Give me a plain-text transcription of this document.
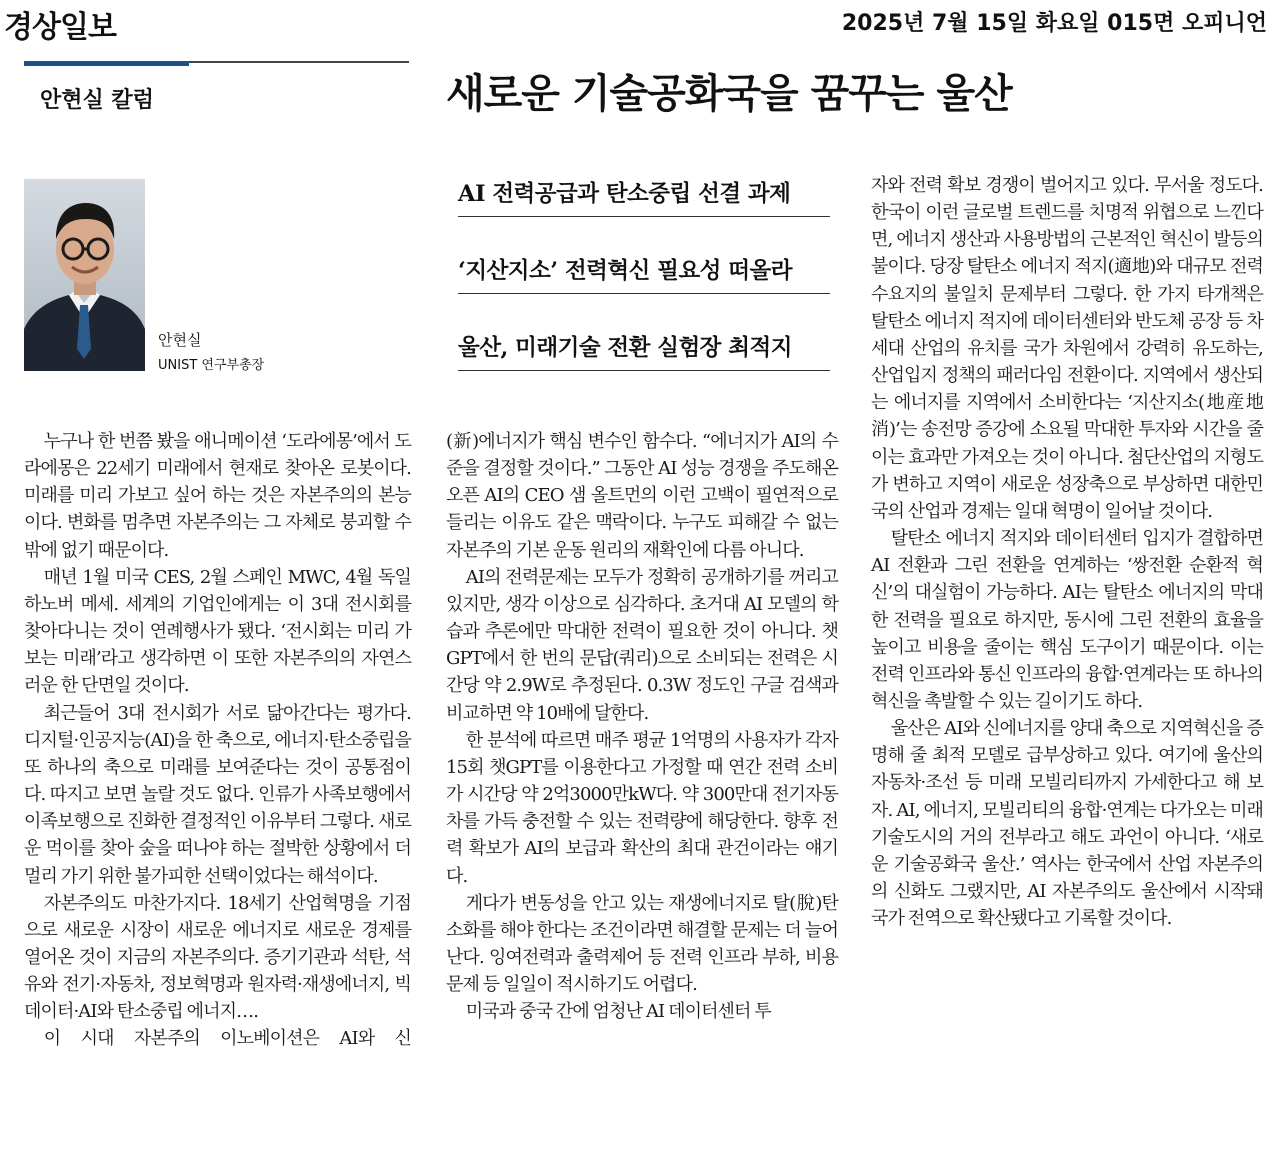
경상일보	2025년 7월 15일 화요일 015면 오피니언
안현실 칼럼	새로운 기술공화국을 꿈꾸는 울산
안현실
UNIST 연구부총장
AI 전력공급과 탄소중립 선결 과제
‘지산지소’ 전력혁신 필요성 떠올라
울산, 미래기술 전환 실험장 최적지

누구나 한 번쯤 봤을 애니메이션 ‘도라에몽’에서 도라에몽은 22세기 미래에서 현재로 찾아온 로봇이다. 미래를 미리 가보고 싶어 하는 것은 자본주의의 본능이다. 변화를 멈추면 자본주의는 그 자체로 붕괴할 수밖에 없기 때문이다.

매년 1월 미국 CES, 2월 스페인 MWC, 4월 독일 하노버 메세. 세계의 기업인에게는 이 3대 전시회를 찾아다니는 것이 연례행사가 됐다. ‘전시회는 미리 가보는 미래’라고 생각하면 이 또한 자본주의의 자연스러운 한 단면일 것이다.

최근들어 3대 전시회가 서로 닮아간다는 평가다. 디지털·인공지능(AI)을 한 축으로, 에너지·탄소중립을 또 하나의 축으로 미래를 보여준다는 것이 공통점이다. 따지고 보면 놀랄 것도 없다. 인류가 사족보행에서 이족보행으로 진화한 결정적인 이유부터 그렇다. 새로운 먹이를 찾아 숲을 떠나야 하는 절박한 상황에서 더 멀리 가기 위한 불가피한 선택이었다는 해석이다.

자본주의도 마찬가지다. 18세기 산업혁명을 기점으로 새로운 시장이 새로운 에너지로 새로운 경제를 열어온 것이 지금의 자본주의다. 증기기관과 석탄, 석유와 전기·자동차, 정보혁명과 원자력·재생에너지, 빅데이터·AI와 탄소중립 에너지….

이 시대 자본주의 이노베이션은 AI와 신

(新)에너지가 핵심 변수인 함수다. “에너지가 AI의 수준을 결정할 것이다.” 그동안 AI 성능 경쟁을 주도해온 오픈 AI의 CEO 샘 올트먼의 이런 고백이 필연적으로 들리는 이유도 같은 맥락이다. 누구도 피해갈 수 없는 자본주의 기본 운동 원리의 재확인에 다름 아니다.

AI의 전력문제는 모두가 정확히 공개하기를 꺼리고 있지만, 생각 이상으로 심각하다. 초거대 AI 모델의 학습과 추론에만 막대한 전력이 필요한 것이 아니다. 챗GPT에서 한 번의 문답(쿼리)으로 소비되는 전력은 시간당 약 2.9W로 추정된다. 0.3W 정도인 구글 검색과 비교하면 약 10배에 달한다.

한 분석에 따르면 매주 평균 1억명의 사용자가 각자 15회 챗GPT를 이용한다고 가정할 때 연간 전력 소비가 시간당 약 2억3000만kW다. 약 300만대 전기자동차를 가득 충전할 수 있는 전력량에 해당한다. 향후 전력 확보가 AI의 보급과 확산의 최대 관건이라는 얘기다.

게다가 변동성을 안고 있는 재생에너지로 탈(脫)탄소화를 해야 한다는 조건이라면 해결할 문제는 더 늘어난다. 잉여전력과 출력제어 등 전력 인프라 부하, 비용 문제 등 일일이 적시하기도 어렵다.

미국과 중국 간에 엄청난 AI 데이터센터 투

자와 전력 확보 경쟁이 벌어지고 있다. 무서울 정도다. 한국이 이런 글로벌 트렌드를 치명적 위협으로 느낀다면, 에너지 생산과 사용방법의 근본적인 혁신이 발등의 불이다. 당장 탈탄소 에너지 적지(適地)와 대규모 전력 수요지의 불일치 문제부터 그렇다. 한 가지 타개책은 탈탄소 에너지 적지에 데이터센터와 반도체 공장 등 차세대 산업의 유치를 국가 차원에서 강력히 유도하는, 산업입지 정책의 패러다임 전환이다. 지역에서 생산되는 에너지를 지역에서 소비한다는 ‘지산지소(地産地消)’는 송전망 증강에 소요될 막대한 투자와 시간을 줄이는 효과만 가져오는 것이 아니다. 첨단산업의 지형도가 변하고 지역이 새로운 성장축으로 부상하면 대한민국의 산업과 경제는 일대 혁명이 일어날 것이다.

탈탄소 에너지 적지와 데이터센터 입지가 결합하면 AI 전환과 그린 전환을 연계하는 ‘쌍전환 순환적 혁신’의 대실험이 가능하다. AI는 탈탄소 에너지의 막대한 전력을 필요로 하지만, 동시에 그린 전환의 효율을 높이고 비용을 줄이는 핵심 도구이기 때문이다. 이는 전력 인프라와 통신 인프라의 융합·연계라는 또 하나의 혁신을 촉발할 수 있는 길이기도 하다.

울산은 AI와 신에너지를 양대 축으로 지역혁신을 증명해 줄 최적 모델로 급부상하고 있다. 여기에 울산의 자동차·조선 등 미래 모빌리티까지 가세한다고 해 보자. AI, 에너지, 모빌리티의 융합·연계는 다가오는 미래 기술도시의 거의 전부라고 해도 과언이 아니다. ‘새로운 기술공화국 울산.’ 역사는 한국에서 산업 자본주의의 신화도 그랬지만, AI 자본주의도 울산에서 시작돼 국가 전역으로 확산됐다고 기록할 것이다.
